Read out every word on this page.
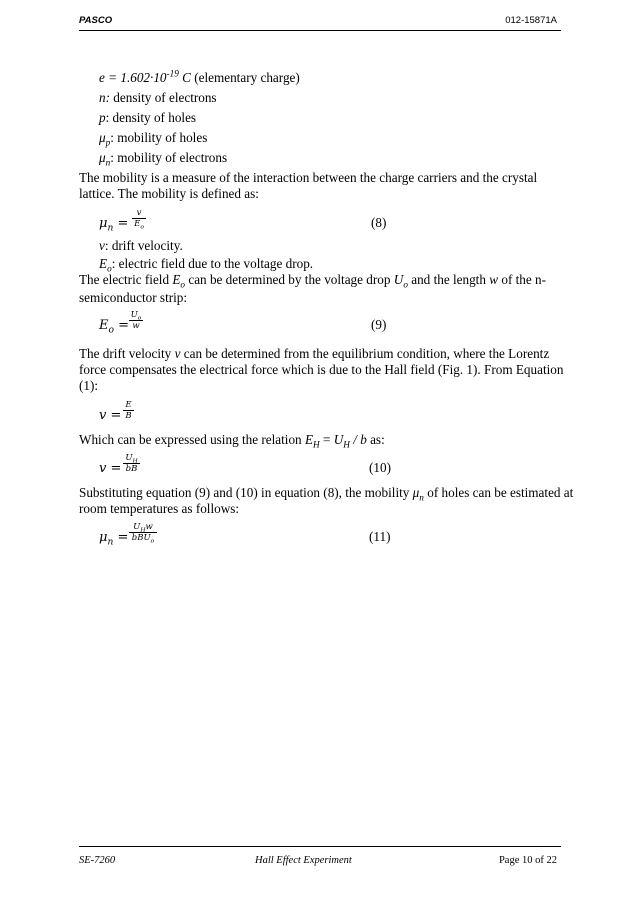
PASCO	012-15871A
$e = 1.602\cdot 10^{-19}$ C (elementary charge)
n: density of electrons
p: density of holes
$\mu_p$: mobility of holes
$\mu_n$: mobility of electrons
The mobility is a measure of the interaction between the charge carriers and the crystal
lattice. The mobility is defined as:
$\mu_n$ =
v
$E_o$	(8)
v: drift velocity.
$E_o$: electric field due to the voltage drop.
The electric field $E_o$ can be determined by the voltage drop $U_o$ and the length w of the n-
semiconductor strip:
$E_o$ =
$U_o$
w	(9)
The drift velocity v can be determined from the equilibrium condition, where the Lorentz
force compensates the electrical force which is due to the Hall field (Fig. 1). From Equation
(1):
v =
E
B
Which can be expressed using the relation $E_H = U_H / b$ as:
v =
$U_H$
bB	(10)
Substituting equation (9) and (10) in equation (8), the mobility $\mu_n$ of holes can be estimated at
room temperatures as follows:
$\mu_n$ =
$U_Hw$
bBU$_o$	(11)
SE-7260	Hall Effect Experiment	Page 10 of 22
